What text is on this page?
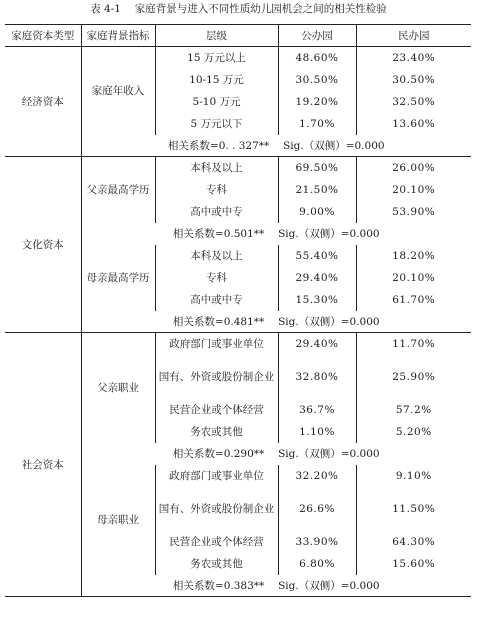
表 4-1　 家庭背景与进入不同性质幼儿园机会之间的相关性检验
家庭资本类型	家庭背景指标	层级	公办园	民办园
经济资本	家庭年收入	15 万元以上	48.60%	23.40%
		10-15 万元	30.50%	30.50%
		5-10 万元	19.20%	32.50%
		5 万元以下	1.70%	13.60%
	相关系数=0. . 327**　 Sig.（双侧）=0.000			
文化资本	父亲最高学历	本科及以上	69.50%	26.00%
		专科	21.50%	20.10%
		高中或中专	9.00%	53.90%
	相关系数=0.501**　 Sig.（双侧）=0.000			
	母亲最高学历	本科及以上	55.40%	18.20%
		专科	29.40%	20.10%
		高中或中专	15.30%	61.70%
	相关系数=0.481**　 Sig.（双侧）=0.000			
社会资本	父亲职业	政府部门或事业单位	29.40%	11.70%
		国有、外资或股份制企业	32.80%	25.90%
		民营企业或个体经营	36.7%	57.2%
		务农或其他	1.10%	5.20%
	相关系数=0.290**　 Sig.（双侧）=0.000			
	母亲职业	政府部门或事业单位	32.20%	9.10%
		国有、外资或股份制企业	26.6%	11.50%
		民营企业或个体经营	33.90%	64.30%
		务农或其他	6.80%	15.60%
	相关系数=0.383**　 Sig.（双侧）=0.000			
